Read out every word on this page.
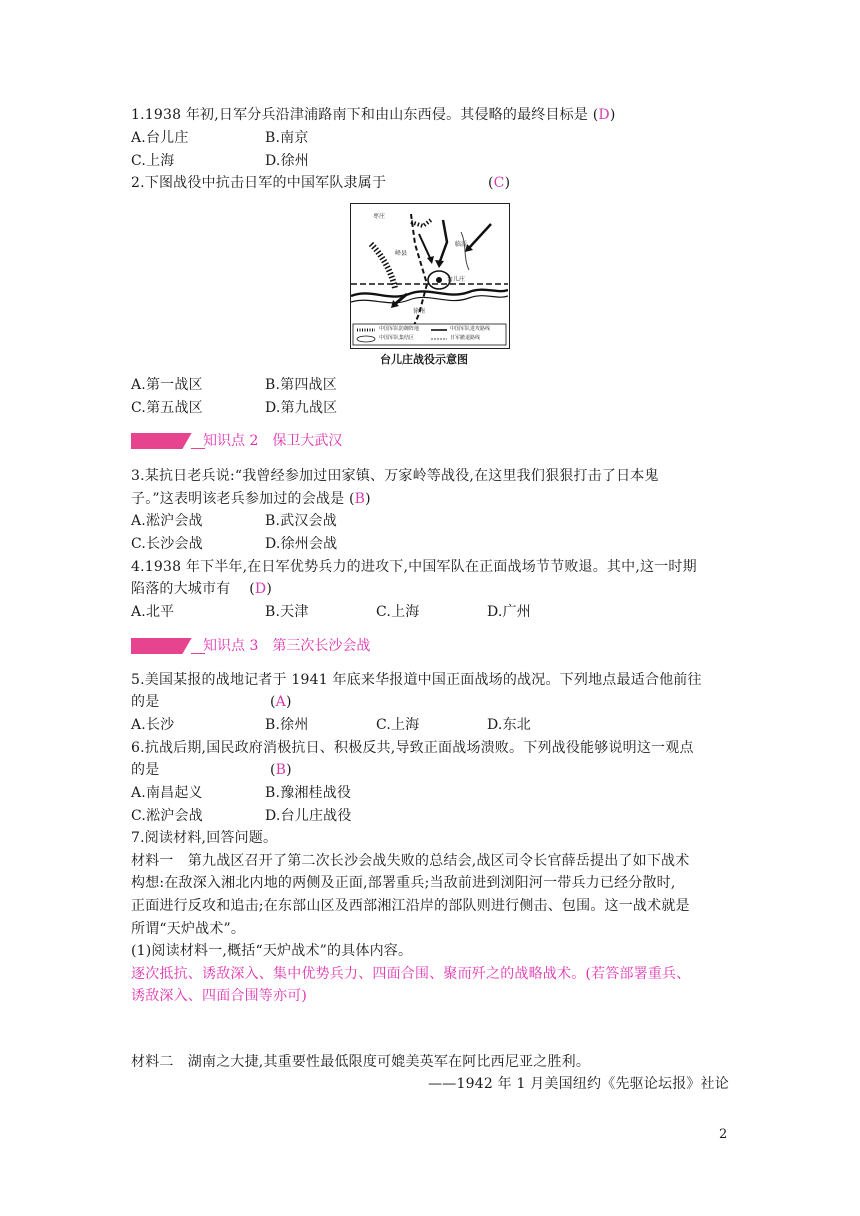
1.1938 年初,日军分兵沿津浦路南下和由山东西侵。其侵略的最终目标是 (D)
A.台儿庄	B.南京
C.上海	D.徐州
2.下图战役中抗击日军的中国军队隶属于	(C)
枣庄
峄县
临沂
台儿庄
徐州
中国军队防御阵地	中国军队进攻路线
中国军队集结区	日军撤退路线
台儿庄战役示意图
A.第一战区	B.第四战区
C.第五战区	D.第九战区
知识点 2　保卫大武汉
3.某抗日老兵说:“我曾经参加过田家镇、万家岭等战役,在这里我们狠狠打击了日本鬼
子。”这表明该老兵参加过的会战是 (B)
A.淞沪会战	B.武汉会战
C.长沙会战	D.徐州会战
4.1938 年下半年,在日军优势兵力的进攻下,中国军队在正面战场节节败退。其中,这一时期
陷落的大城市有　 (D)
A.北平	B.天津	C.上海	D.广州
知识点 3　第三次长沙会战
5.美国某报的战地记者于 1941 年底来华报道中国正面战场的战况。下列地点最适合他前往
的是	(A)
A.长沙	B.徐州	C.上海	D.东北
6.抗战后期,国民政府消极抗日、积极反共,导致正面战场溃败。下列战役能够说明这一观点
的是	(B)
A.南昌起义	B.豫湘桂战役
C.淞沪会战	D.台儿庄战役
7.阅读材料,回答问题。
材料一　第九战区召开了第二次长沙会战失败的总结会,战区司令长官薛岳提出了如下战术
构想:在敌深入湘北内地的两侧及正面,部署重兵;当敌前进到浏阳河一带兵力已经分散时,
正面进行反攻和追击;在东部山区及西部湘江沿岸的部队则进行侧击、包围。这一战术就是
所谓“天炉战术”。
(1)阅读材料一,概括“天炉战术”的具体内容。
逐次抵抗、诱敌深入、集中优势兵力、四面合围、聚而歼之的战略战术。(若答部署重兵、
诱敌深入、四面合围等亦可)
材料二　湖南之大捷,其重要性最低限度可媲美英军在阿比西尼亚之胜利。
——1942 年 1 月美国纽约《先驱论坛报》社论
2
